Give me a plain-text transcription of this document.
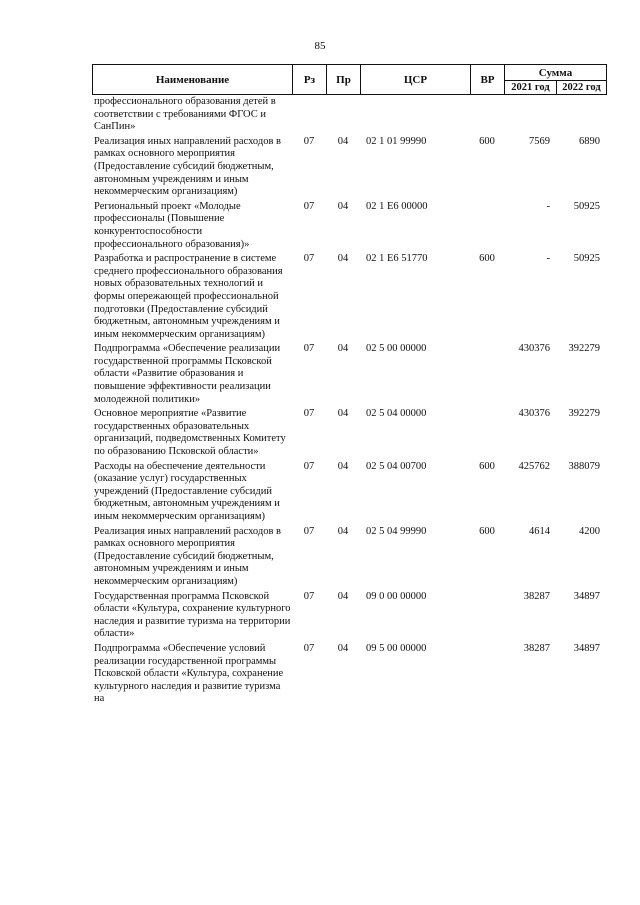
85
Наименование	Рз	Пр	ЦСР	ВР	Сумма	
					2021 год	2022 год
профессионального образования детей в соответствии с требованиями ФГОС и СанПин»						
Реализация иных направлений расходов в рамках основного мероприятия (Предоставление субсидий бюджетным, автономным учреждениям и иным некоммерческим организациям)	07	04	02 1 01 99990	600	7569	6890
Региональный проект «Молодые профессионалы (Повышение конкурентоспособности профессионального образования)»	07	04	02 1 Е6 00000		-	50925
Разработка и распространение в системе среднего профессионального образования новых образовательных технологий и формы опережающей профессиональной подготовки (Предоставление субсидий бюджетным, автономным учреждениям и иным некоммерческим организациям)	07	04	02 1 Е6 51770	600	-	50925
Подпрограмма «Обеспечение реализации государственной программы Псковской области «Развитие образования и повышение эффективности реализации молодежной политики»	07	04	02 5 00 00000		430376	392279
Основное мероприятие «Развитие государственных образовательных организаций, подведомственных Комитету по образованию Псковской области»	07	04	02 5 04 00000		430376	392279
Расходы на обеспечение деятельности (оказание услуг) государственных учреждений (Предоставление субсидий бюджетным, автономным учреждениям и иным некоммерческим организациям)	07	04	02 5 04 00700	600	425762	388079
Реализация иных направлений расходов в рамках основного мероприятия (Предоставление субсидий бюджетным, автономным учреждениям и иным некоммерческим организациям)	07	04	02 5 04 99990	600	4614	4200
Государственная программа Псковской области «Культура, сохранение культурного наследия и развитие туризма на территории области»	07	04	09 0 00 00000		38287	34897
Подпрограмма «Обеспечение условий реализации государственной программы Псковской области «Культура, сохранение культурного наследия и развитие туризма на	07	04	09 5 00 00000		38287	34897
